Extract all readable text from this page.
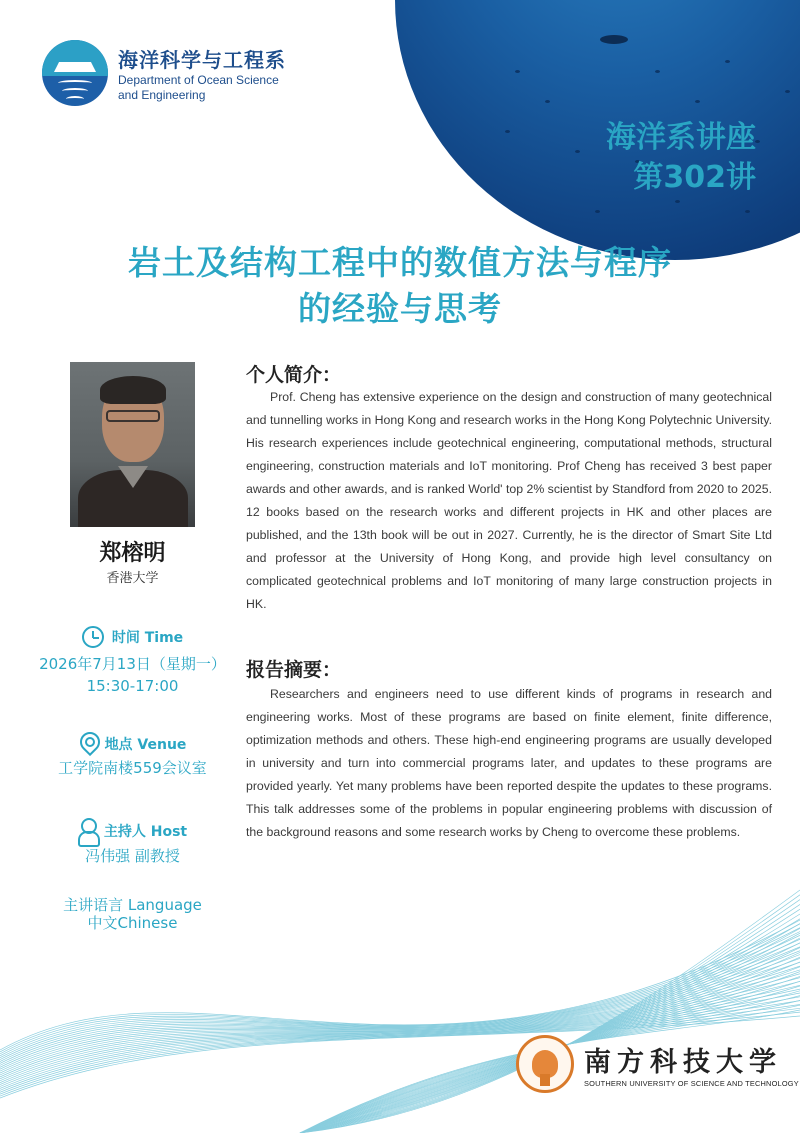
海洋科学与工程系
Department of Ocean Science
and Engineering
海洋系讲座
第302讲
岩土及结构工程中的数值方法与程序
的经验与思考
郑榕明
香港大学
时间 Time
2026年7月13日（星期一）
15:30-17:00
地点 Venue
工学院南楼559会议室
主持人 Host
冯伟强 副教授
主讲语言 Language
中文Chinese
个人简介：
Prof. Cheng has extensive experience on the design and construction of many geotechnical and tunnelling works in Hong Kong and research works in the Hong Kong Polytechnic University. His research experiences include geotechnical engineering, computational methods, structural engineering, construction materials and IoT monitoring. Prof Cheng has received 3 best paper awards and other awards, and is ranked World' top 2% scientist by Standford from 2020 to 2025. 12 books based on the research works and different projects in HK and other places are published, and the 13th book will be out in 2027. Currently, he is the director of Smart Site Ltd and professor at the University of Hong Kong, and provide high level consultancy on complicated geotechnical problems and IoT monitoring of many large construction projects in HK.
报告摘要：
Researchers and engineers need to use different kinds of programs in research and engineering works. Most of these programs are based on finite element, finite difference, optimization methods and others. These high-end engineering programs are usually developed in university and turn into commercial programs later, and updates to these programs are provided yearly. Yet many problems have been reported despite the updates to these programs. This talk addresses some of the problems in popular engineering problems with discussion of the background reasons and some research works by Cheng to overcome these problems.
南方科技大学
SOUTHERN UNIVERSITY OF SCIENCE AND TECHNOLOGY
